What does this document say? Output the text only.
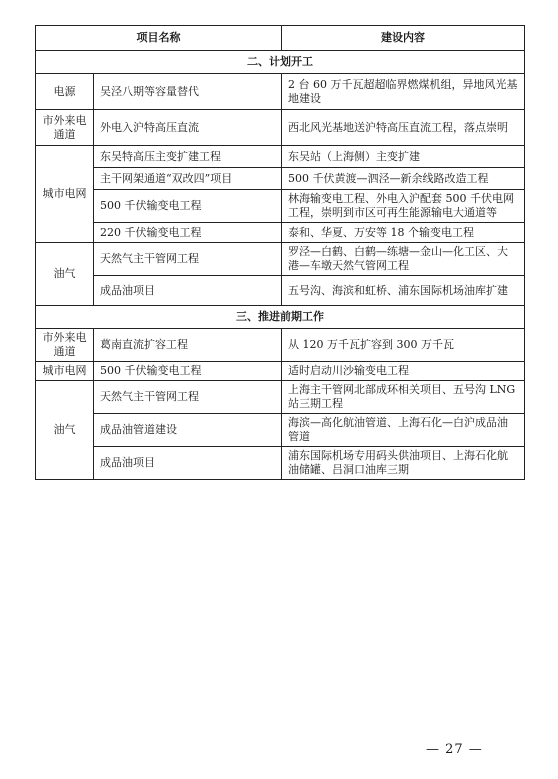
项目名称		建设内容
二、计划开工		
电源	吴泾八期等容量替代	2 台 60 万千瓦超超临界燃煤机组，异地风光基地建设
市外来电通道	外电入沪特高压直流	西北风光基地送沪特高压直流工程，落点崇明
城市电网	东吴特高压主变扩建工程	东吴站（上海侧）主变扩建
	主干网架通道“双改四”项目	500 千伏黄渡—泗泾—新余线路改造工程
	500 千伏输变电工程	林海输变电工程、外电入沪配套 500 千伏电网工程，崇明到市区可再生能源输电大通道等
	220 千伏输变电工程	泰和、华夏、万安等 18 个输变电工程
油气	天然气主干管网工程	罗泾—白鹤、白鹤—练塘—金山—化工区、大港—车墩天然气管网工程
	成品油项目	五号沟、海滨和虹桥、浦东国际机场油库扩建
三、推进前期工作		
市外来电通道	葛南直流扩容工程	从 120 万千瓦扩容到 300 万千瓦
城市电网	500 千伏输变电工程	适时启动川沙输变电工程
油气	天然气主干管网工程	上海主干管网北部成环相关项目、五号沟 LNG 站三期工程
	成品油管道建设	海滨—高化航油管道、上海石化—白沪成品油管道
	成品油项目	浦东国际机场专用码头供油项目、上海石化航油储罐、吕洞口油库三期
— 27 —
